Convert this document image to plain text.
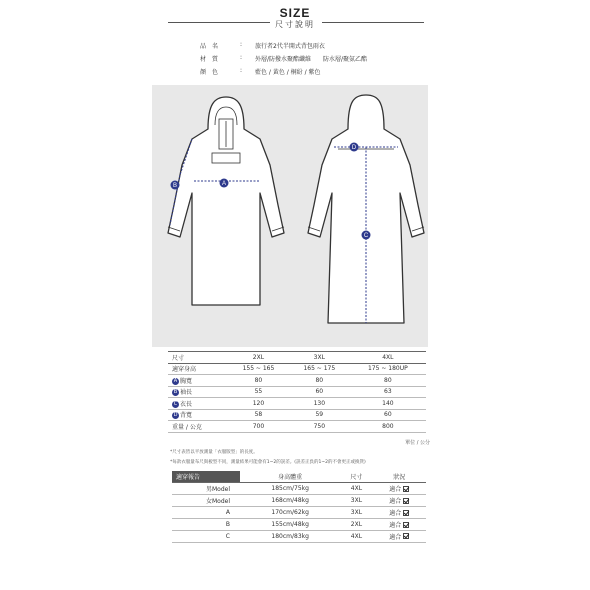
SIZE
尺寸說明
品名	: 旅行者2代半開式背包雨衣
材質	: 外層/防撥水聚酯纖維　　防水層/聚氨乙酯
顏色	: 藍色 / 黃色 / 桐紛 / 紫色
A
B
D
C
尺寸	2XL	3XL	4XL
適穿身高	155 ~ 165	165 ~ 175	175 ~ 180UP
A 胸寬	80	80	80
B 袖長	55	60	63
C 衣長	120	130	140
D 背寬	58	59	60
重量 / 公克	700	750	800
單位 / 公分
*尺寸表皆以平放測量「衣服版型」的長度。
*每款衣服量布尺與板型不同，測量結果可能會有1~2的誤差。(誤差正負的1~2的不會更正或換貨)
適穿報告	身高體重	尺寸	狀況
男Model	185cm/75kg	4XL	適合
女Model	168cm/48kg	3XL	適合
A	170cm/62kg	3XL	適合
B	155cm/48kg	2XL	適合
C	180cm/83kg	4XL	適合
